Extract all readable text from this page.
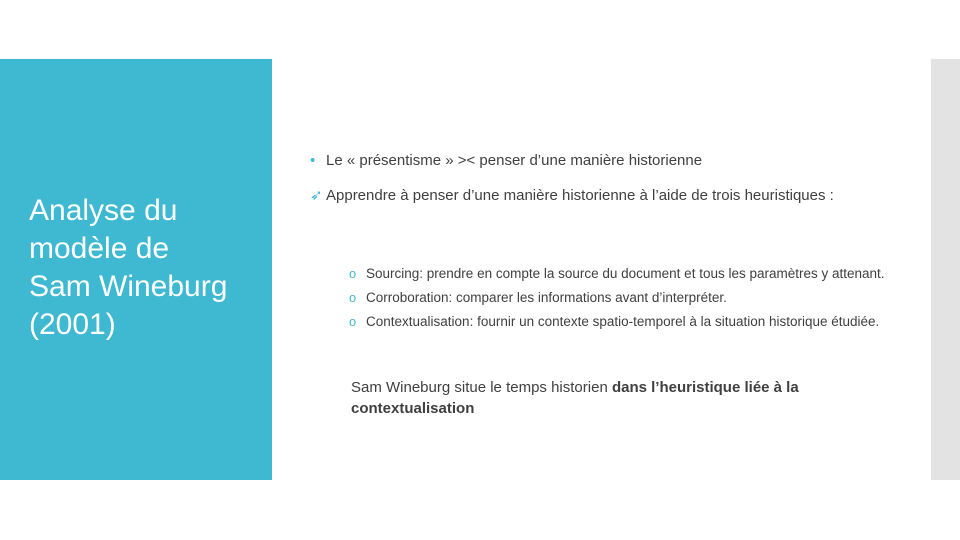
Analyse du
modèle de
Sam Wineburg
(2001)
• Le « présentisme » >< penser d’une manière historienne
➶ Apprendre à penser d’une manière historienne à l’aide de trois heuristiques :
o Sourcing: prendre en compte la source du document et tous les paramètres y attenant.
o Corroboration: comparer les informations avant d’interpréter.
o Contextualisation: fournir un contexte spatio-temporel à la situation historique étudiée.
Sam Wineburg situe le temps historien dans l’heuristique liée à la contextualisation
